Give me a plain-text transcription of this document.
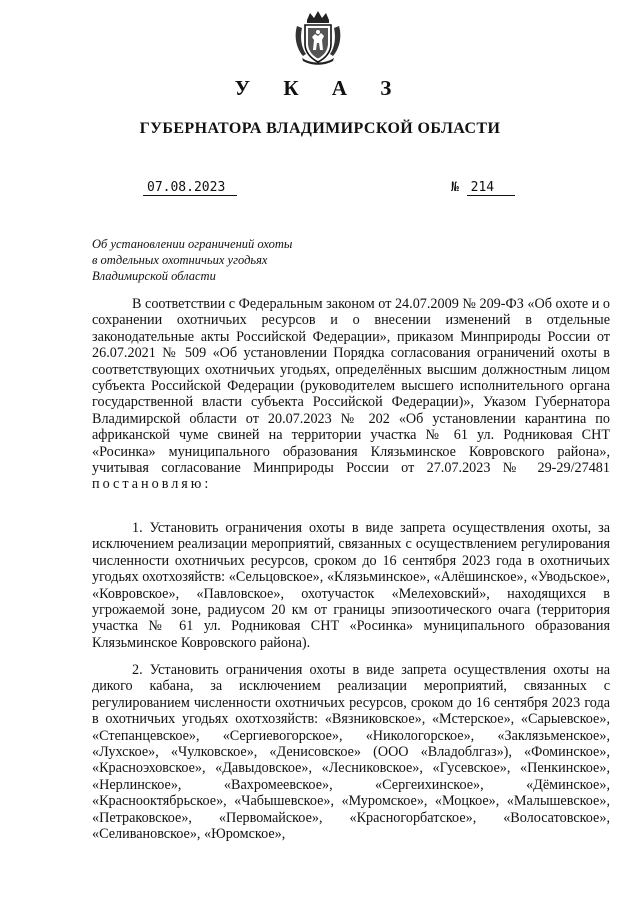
У К А З
ГУБЕРНАТОРА ВЛАДИМИРСКОЙ ОБЛАСТИ
07.08.2023	№ 214
Об установлении ограничений охоты
в отдельных охотничьих угодьях
Владимирской области

В соответствии с Федеральным законом от 24.07.2009 № 209-ФЗ «Об охоте и о сохранении охотничьих ресурсов и о внесении изменений в отдельные законодательные акты Российской Федерации», приказом Минприроды России от 26.07.2021 № 509 «Об установлении Порядка согласования ограничений охоты в соответствующих охотничьих угодьях, определённых высшим должностным лицом субъекта Российской Федерации (руководителем высшего исполнительного органа государственной власти субъекта Российской Федерации)», Указом Губернатора Владимирской области от 20.07.2023 № 202 «Об установлении карантина по африканской чуме свиней на территории участка № 61 ул. Родниковая СНТ «Росинка» муниципального образования Клязьминское Ковровского района», учитывая согласование Минприроды России от 27.07.2023 № 29-29/27481 постановляю:

1. Установить ограничения охоты в виде запрета осуществления охоты, за исключением реализации мероприятий, связанных с осуществлением регулирования численности охотничьих ресурсов, сроком до 16 сентября 2023 года в охотничьих угодьях охотхозяйств: «Сельцовское», «Клязьминское», «Алёшинское», «Уводьское», «Ковровское», «Павловское», охотучасток «Мелеховский», находящихся в угрожаемой зоне, радиусом 20 км от границы эпизоотического очага (территория участка № 61 ул. Родниковая СНТ «Росинка» муниципального образования Клязьминское Ковровского района).

2. Установить ограничения охоты в виде запрета осуществления охоты на дикого кабана, за исключением реализации мероприятий, связанных с регулированием численности охотничьих ресурсов, сроком до 16 сентября 2023 года в охотничьих угодьях охотхозяйств: «Вязниковское», «Мстерское», «Сарыевское», «Степанцевское», «Сергиевогорское», «Никологорское», «Заклязьменское», «Лухское», «Чулковское», «Денисовское» (ООО «Владоблгаз»), «Фоминское», «Красноэховское», «Давыдовское», «Лесниковское», «Гусевское», «Пенкинское», «Нерлинское», «Вахромеевское», «Сергеихинское», «Дёминское», «Краснооктябрьское», «Чабышевское», «Муромское», «Моцкое», «Малышевское», «Петраковское», «Первомайское», «Красногорбатское», «Волосатовское», «Селивановское», «Юромское»,
